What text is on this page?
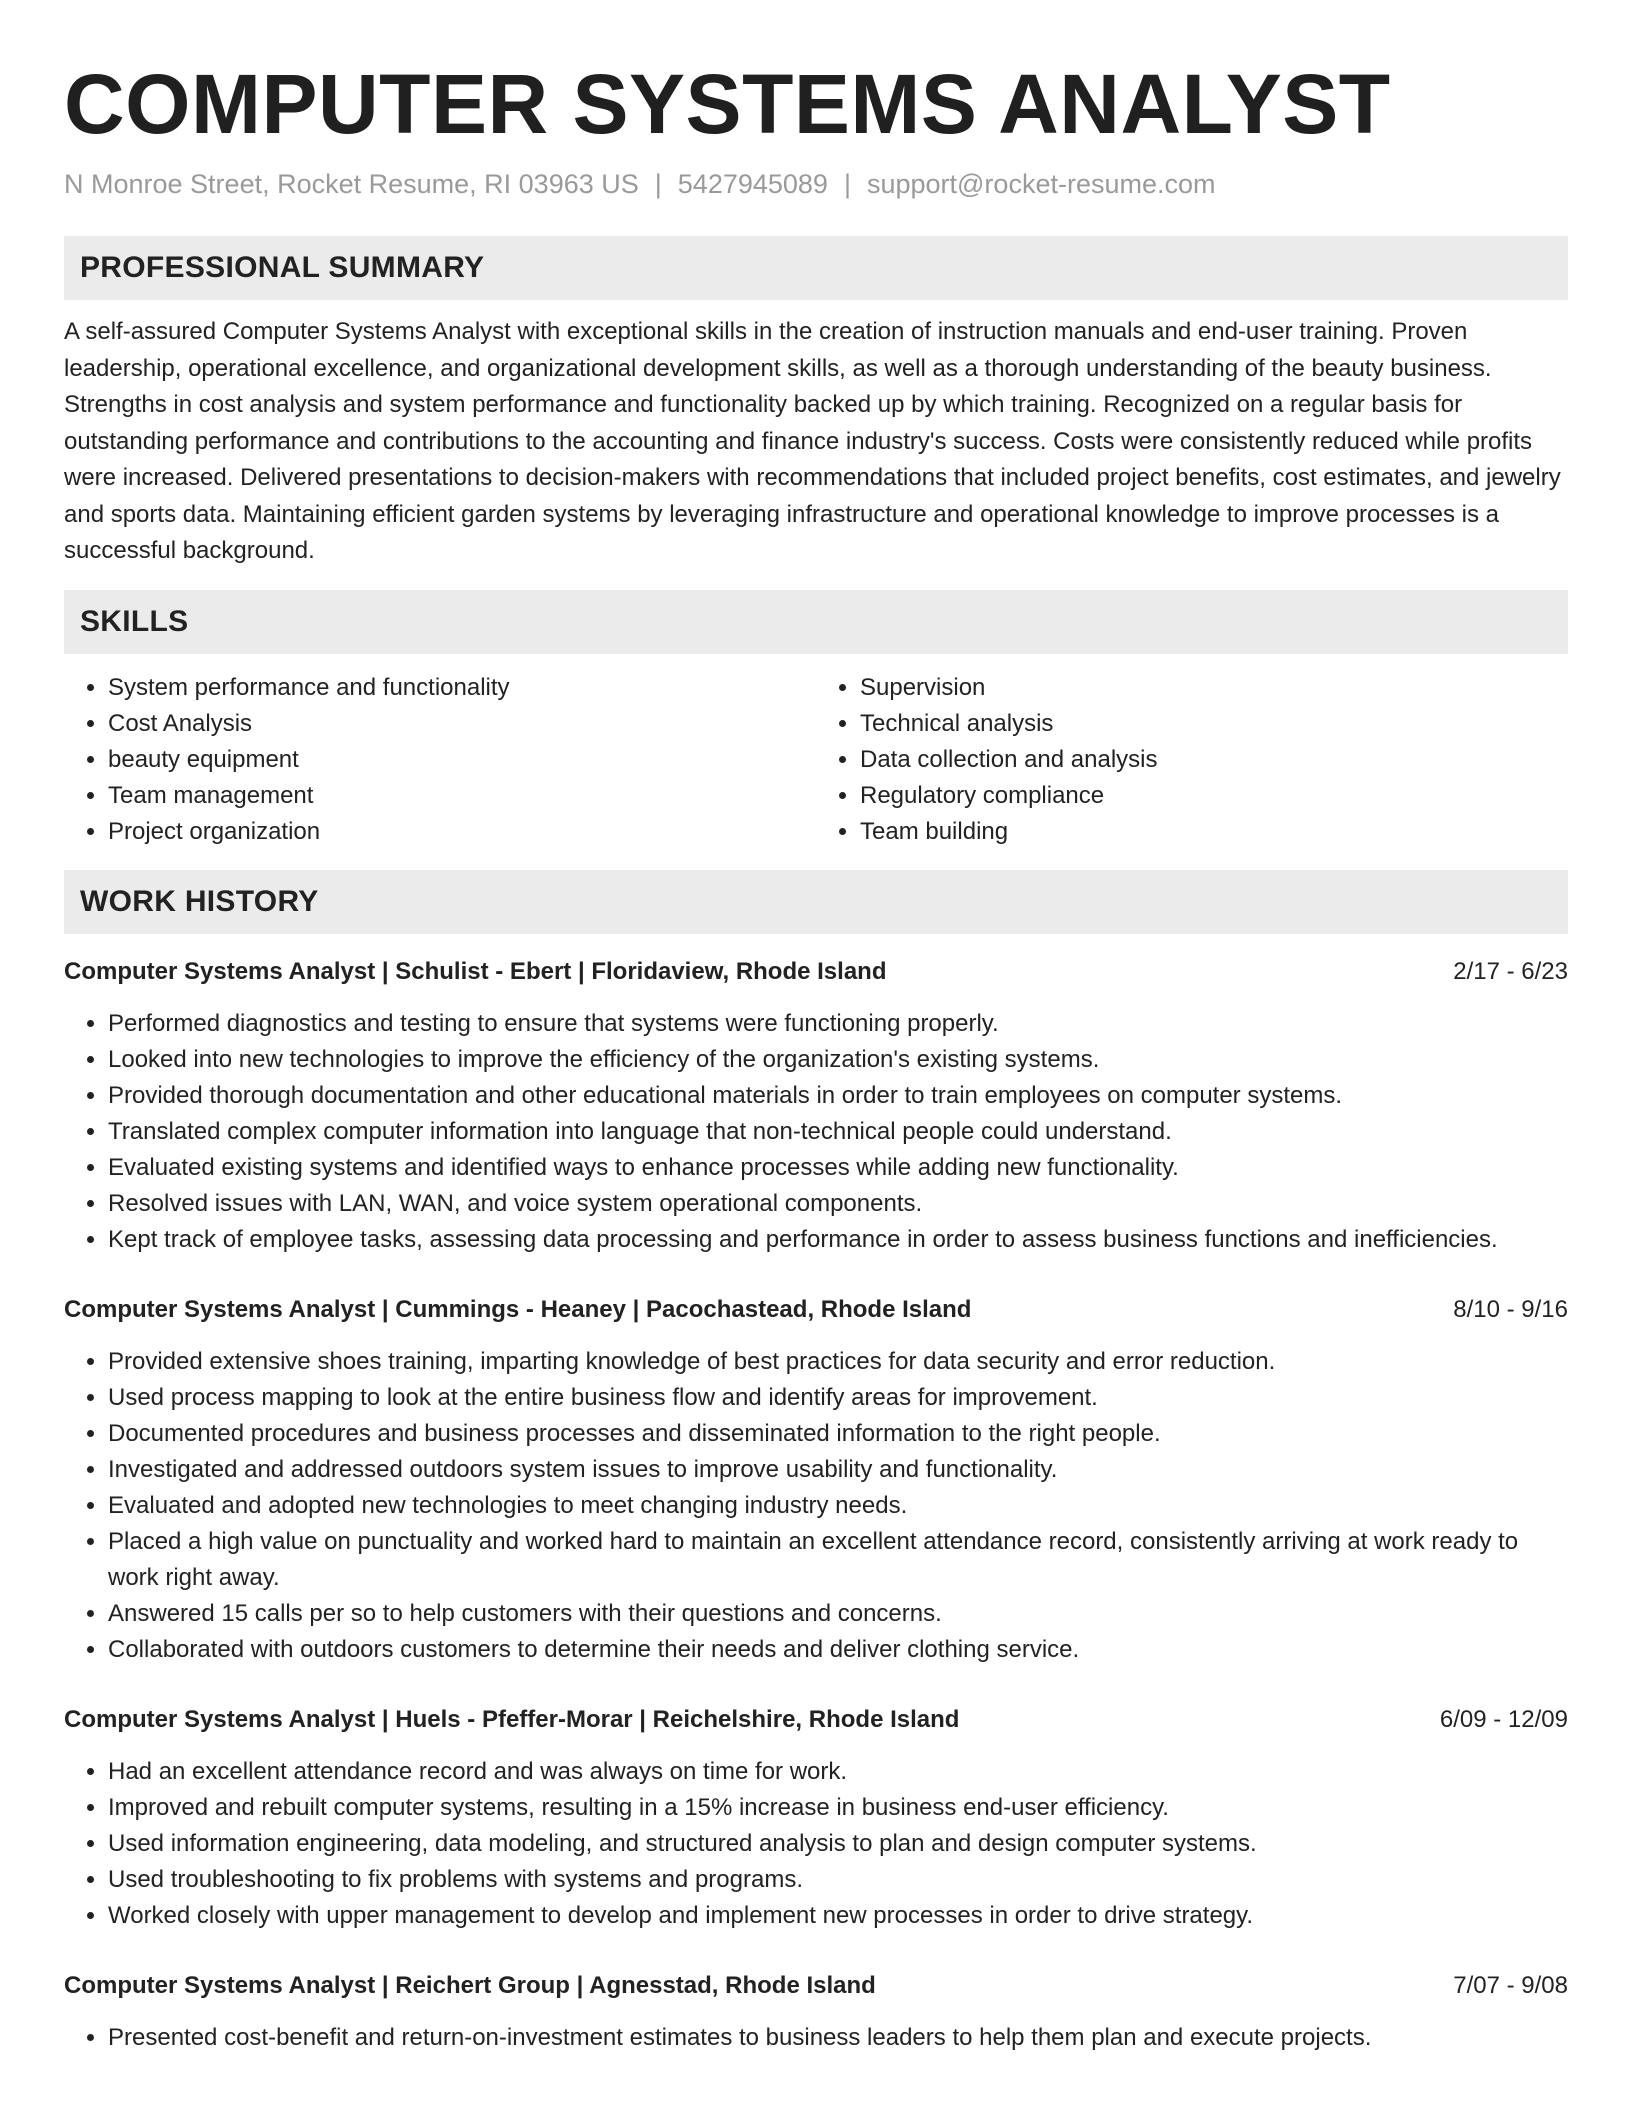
COMPUTER SYSTEMS ANALYST
N Monroe Street, Rocket Resume, RI 03963 US | 5427945089 | support@rocket-resume.com
PROFESSIONAL SUMMARY

A self-assured Computer Systems Analyst with exceptional skills in the creation of instruction manuals and end-user training. Proven leadership, operational excellence, and organizational development skills, as well as a thorough understanding of the beauty business. Strengths in cost analysis and system performance and functionality backed up by which training. Recognized on a regular basis for outstanding performance and contributions to the accounting and finance industry's success. Costs were consistently reduced while profits were increased. Delivered presentations to decision-makers with recommendations that included project benefits, cost estimates, and jewelry and sports data. Maintaining efficient garden systems by leveraging infrastructure and operational knowledge to improve processes is a successful background.

SKILLS
• System performance and functionality
• Cost Analysis
• beauty equipment
• Team management
• Project organization
• Supervision
• Technical analysis
• Data collection and analysis
• Regulatory compliance
• Team building
WORK HISTORY
Computer Systems Analyst | Schulist - Ebert | Floridaview, Rhode Island	2/17 - 6/23
• Performed diagnostics and testing to ensure that systems were functioning properly.
• Looked into new technologies to improve the efficiency of the organization's existing systems.
• Provided thorough documentation and other educational materials in order to train employees on computer systems.
• Translated complex computer information into language that non-technical people could understand.
• Evaluated existing systems and identified ways to enhance processes while adding new functionality.
• Resolved issues with LAN, WAN, and voice system operational components.
• Kept track of employee tasks, assessing data processing and performance in order to assess business functions and inefficiencies.
Computer Systems Analyst | Cummings - Heaney | Pacochastead, Rhode Island	8/10 - 9/16
• Provided extensive shoes training, imparting knowledge of best practices for data security and error reduction.
• Used process mapping to look at the entire business flow and identify areas for improvement.
• Documented procedures and business processes and disseminated information to the right people.
• Investigated and addressed outdoors system issues to improve usability and functionality.
• Evaluated and adopted new technologies to meet changing industry needs.
• Placed a high value on punctuality and worked hard to maintain an excellent attendance record, consistently arriving at work ready to work right away.
• Answered 15 calls per so to help customers with their questions and concerns.
• Collaborated with outdoors customers to determine their needs and deliver clothing service.
Computer Systems Analyst | Huels - Pfeffer-Morar | Reichelshire, Rhode Island	6/09 - 12/09
• Had an excellent attendance record and was always on time for work.
• Improved and rebuilt computer systems, resulting in a 15% increase in business end-user efficiency.
• Used information engineering, data modeling, and structured analysis to plan and design computer systems.
• Used troubleshooting to fix problems with systems and programs.
• Worked closely with upper management to develop and implement new processes in order to drive strategy.
Computer Systems Analyst | Reichert Group | Agnesstad, Rhode Island	7/07 - 9/08
• Presented cost-benefit and return-on-investment estimates to business leaders to help them plan and execute projects.
